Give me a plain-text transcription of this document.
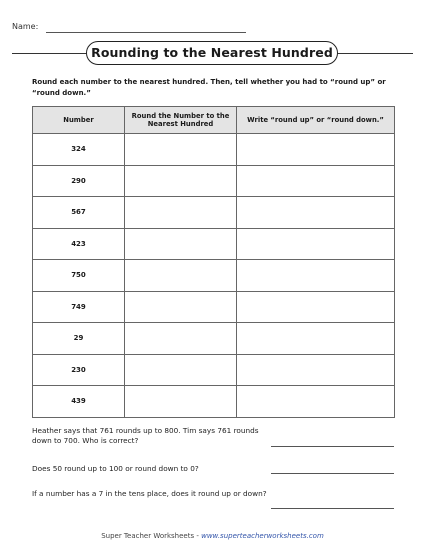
Name:
Rounding to the Nearest Hundred
Round each number to the nearest hundred. Then, tell whether you had to “round up” or “round down.”
Number	Round the Number to the Nearest Hundred	Write “round up” or “round down.”
324		
290		
567		
423		
750		
749		
29		
230		
439		
Heather says that 761 rounds up to 800. Tim says 761 rounds down to 700. Who is correct?
Does 50 round up to 100 or round down to 0?
If a number has a 7 in the tens place, does it round up or down?
Super Teacher Worksheets - www.superteacherworksheets.com
